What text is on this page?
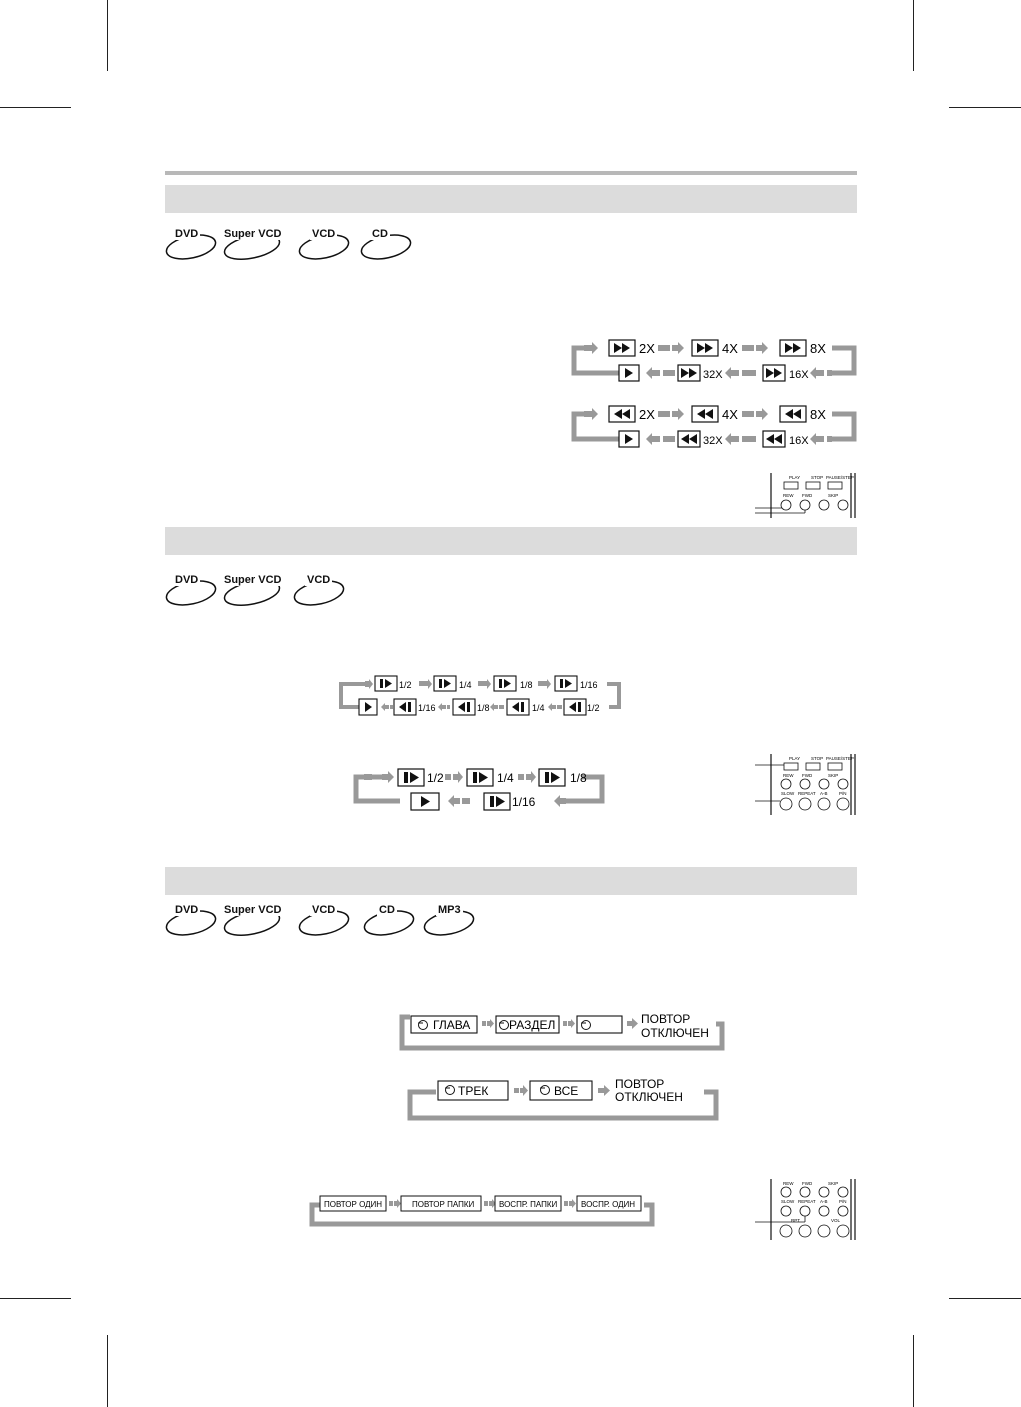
DVD Super VCD	VCD	CD
2X	4X	8X
32X	16X
2X	4X	8X
32X	16X
PLAY STOP PAUSE/STEP
REW FWD	SKIP
DVD Super VCD VCD
1/2	1/4	1/8	1/16
1/16	1/8	1/4	1/2
1/2	1/4	1/8
1/16
PLAY STOP PAUSE/STEP
REW FWD	SKIP
SLOW REPEAT A-B	P/N
DVD Super VCD	VCD	CD	MP3
ГЛАВА	РАЗДЕЛ	ПОВТОР
ОТКЛЮЧЕН
ТРЕК	ВСЕ	ПОВТОР
ОТКЛЮЧЕН
ПОВТОР ОДИН	ПОВТОР ПАПКИ	ВОСПР. ПАПКИ	ВОСПР. ОДИН
REW FWD	SKIP
SLOW REPEAT A-B	P/N
RPT	VOL
